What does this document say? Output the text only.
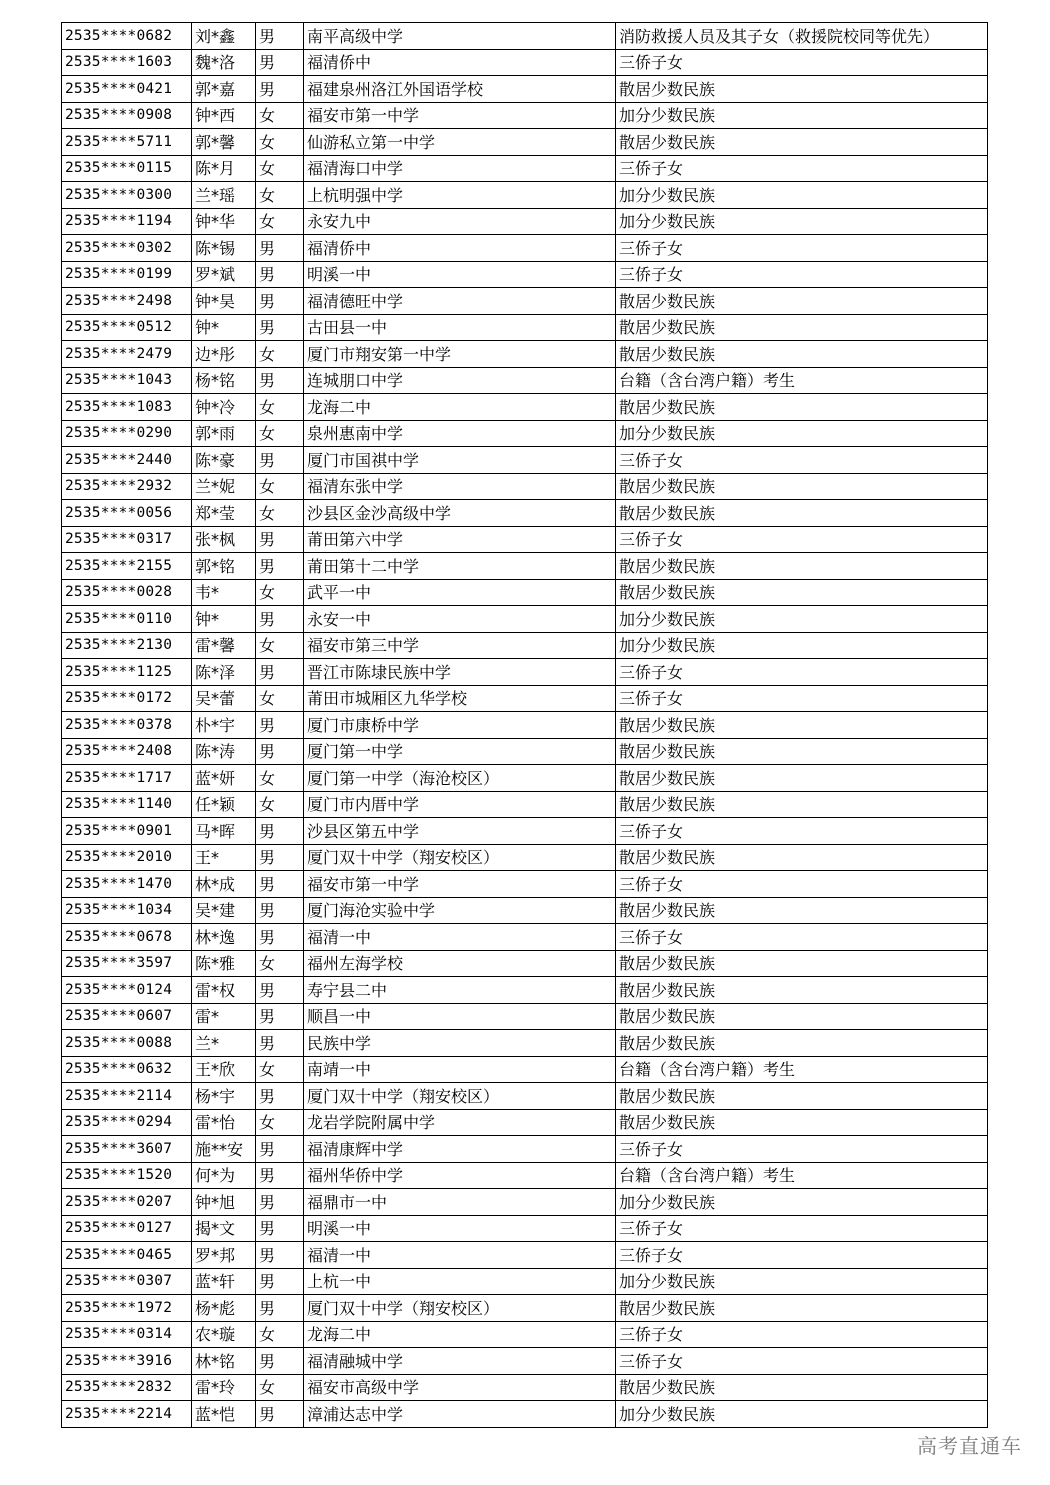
2535****0682	刘*鑫	男	南平高级中学	消防救援人员及其子女（救援院校同等优先）
2535****1603	魏*洛	男	福清侨中	三侨子女
2535****0421	郭*嘉	男	福建泉州洛江外国语学校	散居少数民族
2535****0908	钟*西	女	福安市第一中学	加分少数民族
2535****5711	郭*馨	女	仙游私立第一中学	散居少数民族
2535****0115	陈*月	女	福清海口中学	三侨子女
2535****0300	兰*瑶	女	上杭明强中学	加分少数民族
2535****1194	钟*华	女	永安九中	加分少数民族
2535****0302	陈*锡	男	福清侨中	三侨子女
2535****0199	罗*斌	男	明溪一中	三侨子女
2535****2498	钟*昊	男	福清德旺中学	散居少数民族
2535****0512	钟*	男	古田县一中	散居少数民族
2535****2479	边*彤	女	厦门市翔安第一中学	散居少数民族
2535****1043	杨*铭	男	连城朋口中学	台籍（含台湾户籍）考生
2535****1083	钟*冷	女	龙海二中	散居少数民族
2535****0290	郭*雨	女	泉州惠南中学	加分少数民族
2535****2440	陈*豪	男	厦门市国祺中学	三侨子女
2535****2932	兰*妮	女	福清东张中学	散居少数民族
2535****0056	郑*莹	女	沙县区金沙高级中学	散居少数民族
2535****0317	张*枫	男	莆田第六中学	三侨子女
2535****2155	郭*铭	男	莆田第十二中学	散居少数民族
2535****0028	韦*	女	武平一中	散居少数民族
2535****0110	钟*	男	永安一中	加分少数民族
2535****2130	雷*馨	女	福安市第三中学	加分少数民族
2535****1125	陈*泽	男	晋江市陈埭民族中学	三侨子女
2535****0172	吴*蕾	女	莆田市城厢区九华学校	三侨子女
2535****0378	朴*宇	男	厦门市康桥中学	散居少数民族
2535****2408	陈*涛	男	厦门第一中学	散居少数民族
2535****1717	蓝*妍	女	厦门第一中学（海沧校区）	散居少数民族
2535****1140	任*颖	女	厦门市内厝中学	散居少数民族
2535****0901	马*晖	男	沙县区第五中学	三侨子女
2535****2010	王*	男	厦门双十中学（翔安校区）	散居少数民族
2535****1470	林*成	男	福安市第一中学	三侨子女
2535****1034	吴*建	男	厦门海沧实验中学	散居少数民族
2535****0678	林*逸	男	福清一中	三侨子女
2535****3597	陈*雅	女	福州左海学校	散居少数民族
2535****0124	雷*权	男	寿宁县二中	散居少数民族
2535****0607	雷*	男	顺昌一中	散居少数民族
2535****0088	兰*	男	民族中学	散居少数民族
2535****0632	王*欣	女	南靖一中	台籍（含台湾户籍）考生
2535****2114	杨*宇	男	厦门双十中学（翔安校区）	散居少数民族
2535****0294	雷*怡	女	龙岩学院附属中学	散居少数民族
2535****3607	施**安	男	福清康辉中学	三侨子女
2535****1520	何*为	男	福州华侨中学	台籍（含台湾户籍）考生
2535****0207	钟*旭	男	福鼎市一中	加分少数民族
2535****0127	揭*文	男	明溪一中	三侨子女
2535****0465	罗*邦	男	福清一中	三侨子女
2535****0307	蓝*轩	男	上杭一中	加分少数民族
2535****1972	杨*彪	男	厦门双十中学（翔安校区）	散居少数民族
2535****0314	农*璇	女	龙海二中	三侨子女
2535****3916	林*铭	男	福清融城中学	三侨子女
2535****2832	雷*玲	女	福安市高级中学	散居少数民族
2535****2214	蓝*恺	男	漳浦达志中学	加分少数民族
高考直通车
